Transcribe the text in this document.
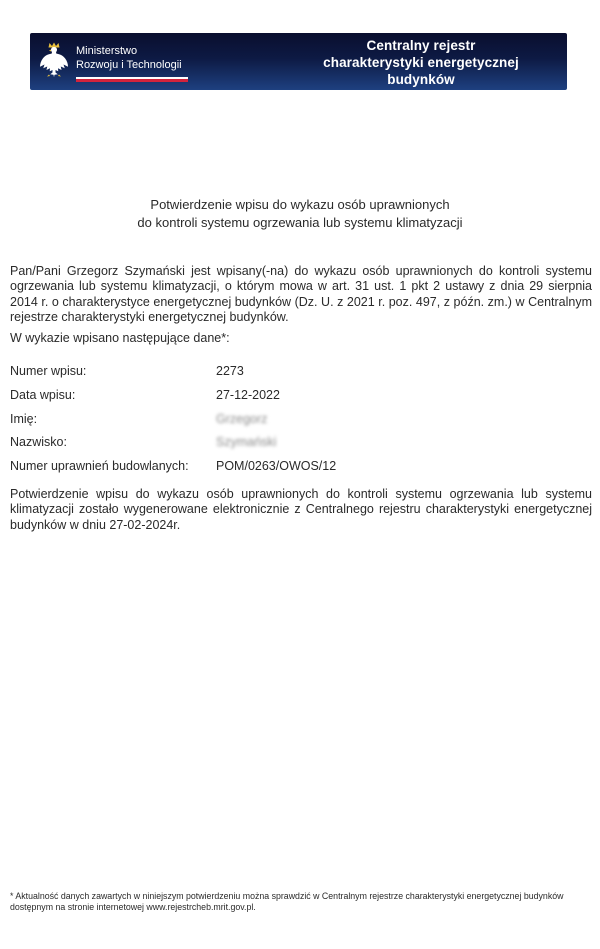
Ministerstwo
Rozwoju i Technologii
Centralny rejestr
charakterystyki energetycznej
budynków
Potwierdzenie wpisu do wykazu osób uprawnionych
do kontroli systemu ogrzewania lub systemu klimatyzacji
Pan/Pani Grzegorz Szymański jest wpisany(-na) do wykazu osób uprawnionych do kontroli systemu ogrzewania lub systemu klimatyzacji, o którym mowa w art. 31 ust. 1 pkt 2 ustawy z dnia 29 sierpnia 2014 r. o charakterystyce energetycznej budynków (Dz. U. z 2021 r. poz. 497, z późn. zm.) w Centralnym rejestrze charakterystyki energetycznej budynków.
W wykazie wpisano następujące dane*:
Numer wpisu:	2273
Data wpisu:	27-12-2022
Imię:	Grzegorz
Nazwisko:	Szymański
Numer uprawnień budowlanych:	POM/0263/OWOS/12
Potwierdzenie wpisu do wykazu osób uprawnionych do kontroli systemu ogrzewania lub systemu klimatyzacji zostało wygenerowane elektronicznie z Centralnego rejestru charakterystyki energetycznej budynków w dniu 27-02-2024r.
* Aktualność danych zawartych w niniejszym potwierdzeniu można sprawdzić w Centralnym rejestrze charakterystyki energetycznej budynków dostępnym na stronie internetowej www.rejestrcheb.mrit.gov.pl.
